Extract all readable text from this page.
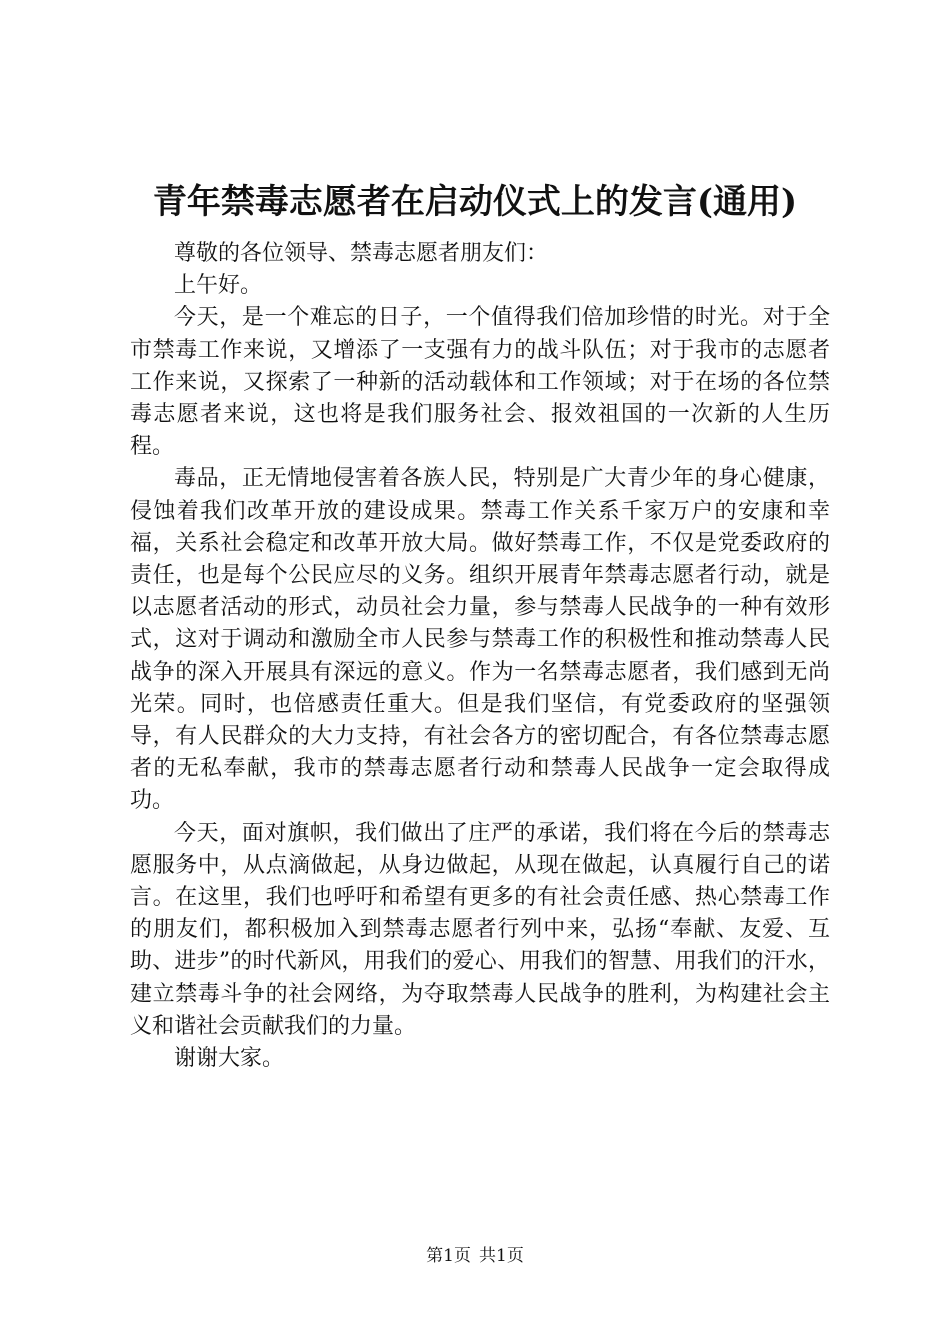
青年禁毒志愿者在启动仪式上的发言(通用)

尊敬的各位领导、禁毒志愿者朋友们：

上午好。

今天，是一个难忘的日子，一个值得我们倍加珍惜的时光。对于全市禁毒工作来说，又增添了一支强有力的战斗队伍；对于我市的志愿者工作来说，又探索了一种新的活动载体和工作领域；对于在场的各位禁毒志愿者来说，这也将是我们服务社会、报效祖国的一次新的人生历程。

毒品，正无情地侵害着各族人民，特别是广大青少年的身心健康，侵蚀着我们改革开放的建设成果。禁毒工作关系千家万户的安康和幸福，关系社会稳定和改革开放大局。做好禁毒工作，不仅是党委政府的责任，也是每个公民应尽的义务。组织开展青年禁毒志愿者行动，就是以志愿者活动的形式，动员社会力量，参与禁毒人民战争的一种有效形式，这对于调动和激励全市人民参与禁毒工作的积极性和推动禁毒人民战争的深入开展具有深远的意义。作为一名禁毒志愿者，我们感到无尚光荣。同时，也倍感责任重大。但是我们坚信，有党委政府的坚强领导，有人民群众的大力支持，有社会各方的密切配合，有各位禁毒志愿者的无私奉献，我市的禁毒志愿者行动和禁毒人民战争一定会取得成功。

今天，面对旗帜，我们做出了庄严的承诺，我们将在今后的禁毒志愿服务中，从点滴做起，从身边做起，从现在做起，认真履行自己的诺言。在这里，我们也呼吁和希望有更多的有社会责任感、热心禁毒工作的朋友们，都积极加入到禁毒志愿者行列中来，弘扬“奉献、友爱、互助、进步”的时代新风，用我们的爱心、用我们的智慧、用我们的汗水，建立禁毒斗争的社会网络，为夺取禁毒人民战争的胜利，为构建社会主义和谐社会贡献我们的力量。

谢谢大家。

第1页 共1页
